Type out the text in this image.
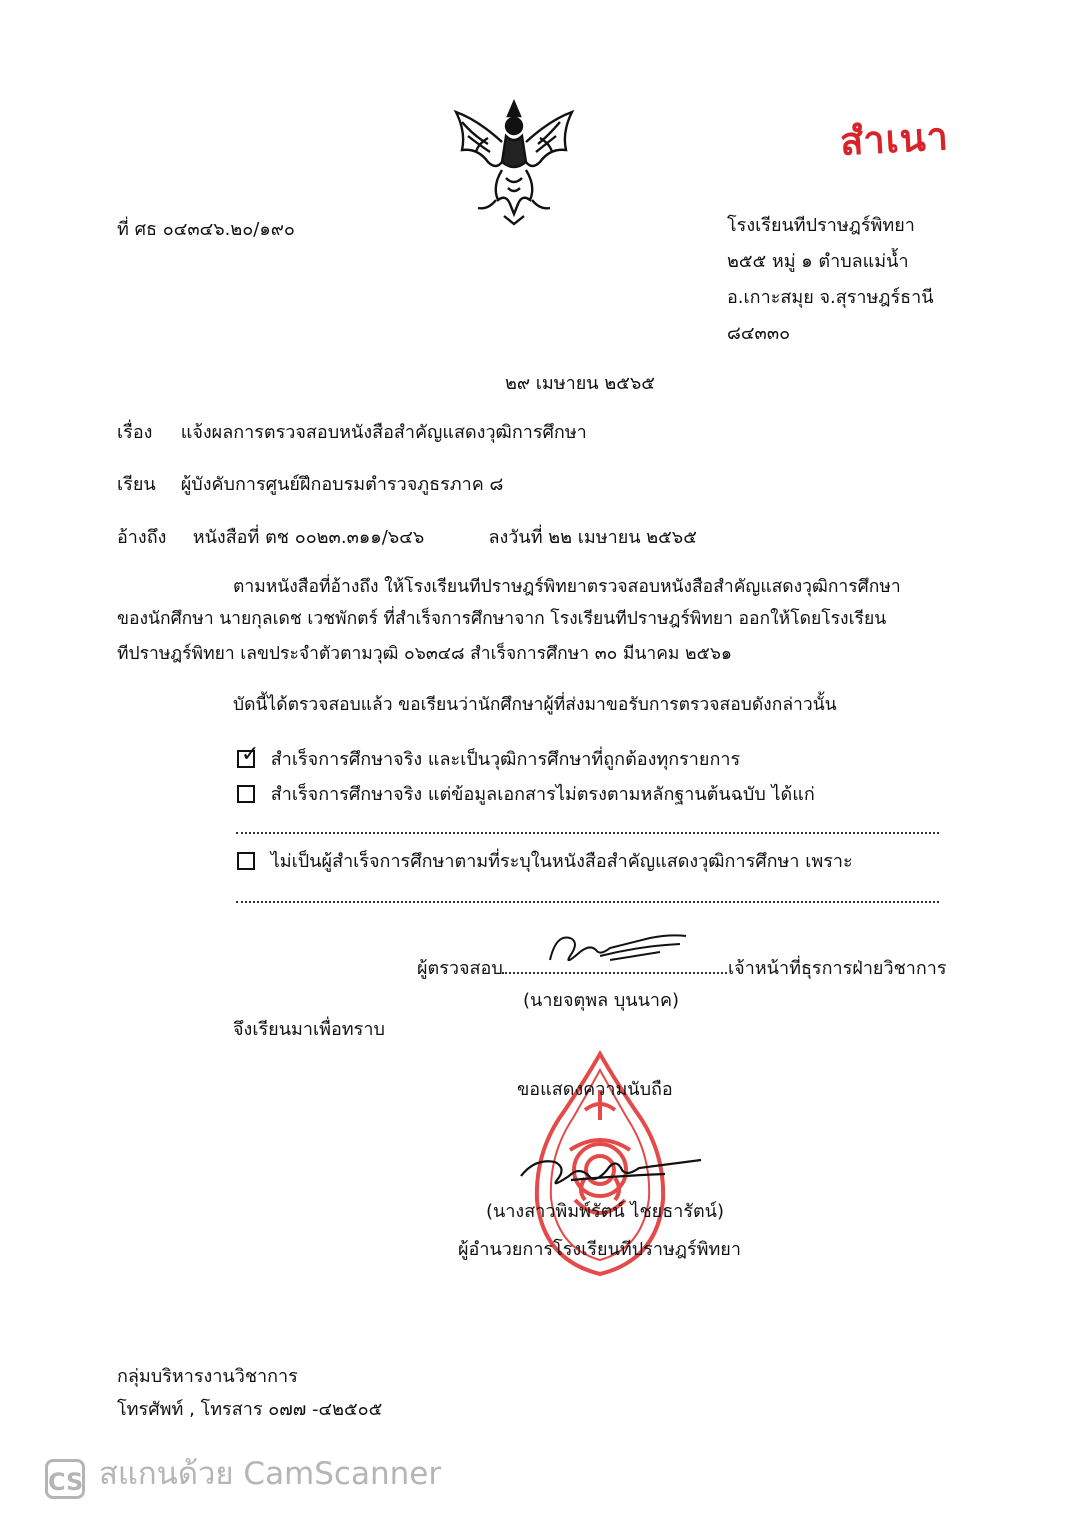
สำเนา
ที่ ศธ ๐๔๓๔๖.๒๐/๑๙๐	โรงเรียนทีปราษฎร์พิทยา
๒๕๕ หมู่ ๑ ตำบลแม่น้ำ
อ.เกาะสมุย จ.สุราษฎร์ธานี
๘๔๓๓๐
๒๙ เมษายน ๒๕๖๕
เรื่อง แจ้งผลการตรวจสอบหนังสือสำคัญแสดงวุฒิการศึกษา
เรียน ผู้บังคับการศูนย์ฝึกอบรมตำรวจภูธรภาค ๘
อ้างถึง หนังสือที่ ตช ๐๐๒๓.๓๑๑/๖๔๖	ลงวันที่ ๒๒ เมษายน ๒๕๖๕
ตามหนังสือที่อ้างถึง ให้โรงเรียนทีปราษฎร์พิทยาตรวจสอบหนังสือสำคัญแสดงวุฒิการศึกษา
ของนักศึกษา นายกุลเดช เวชพักตร์ ที่สำเร็จการศึกษาจาก โรงเรียนทีปราษฎร์พิทยา ออกให้โดยโรงเรียน
ทีปราษฎร์พิทยา เลขประจำตัวตามวุฒิ ๐๖๓๔๘ สำเร็จการศึกษา ๓๐ มีนาคม ๒๕๖๑
บัดนี้ได้ตรวจสอบแล้ว ขอเรียนว่านักศึกษาผู้ที่ส่งมาขอรับการตรวจสอบดังกล่าวนั้น
✓ สำเร็จการศึกษาจริง และเป็นวุฒิการศึกษาที่ถูกต้องทุกรายการ
สำเร็จการศึกษาจริง แต่ข้อมูลเอกสารไม่ตรงตามหลักฐานต้นฉบับ ได้แก่
ไม่เป็นผู้สำเร็จการศึกษาตามที่ระบุในหนังสือสำคัญแสดงวุฒิการศึกษา เพราะ
ผู้ตรวจสอบ	เจ้าหน้าที่ธุรการฝ่ายวิชาการ
(นายจตุพล บุนนาค)
จึงเรียนมาเพื่อทราบ
ขอแสดงความนับถือ
(นางสาวพิมพ์รัตน์ ไชยธารัตน์)
ผู้อำนวยการโรงเรียนทีปราษฎร์พิทยา
กลุ่มบริหารงานวิชาการ
โทรศัพท์ , โทรสาร ๐๗๗ -๔๒๕๐๕
CS สแกนด้วย CamScanner
